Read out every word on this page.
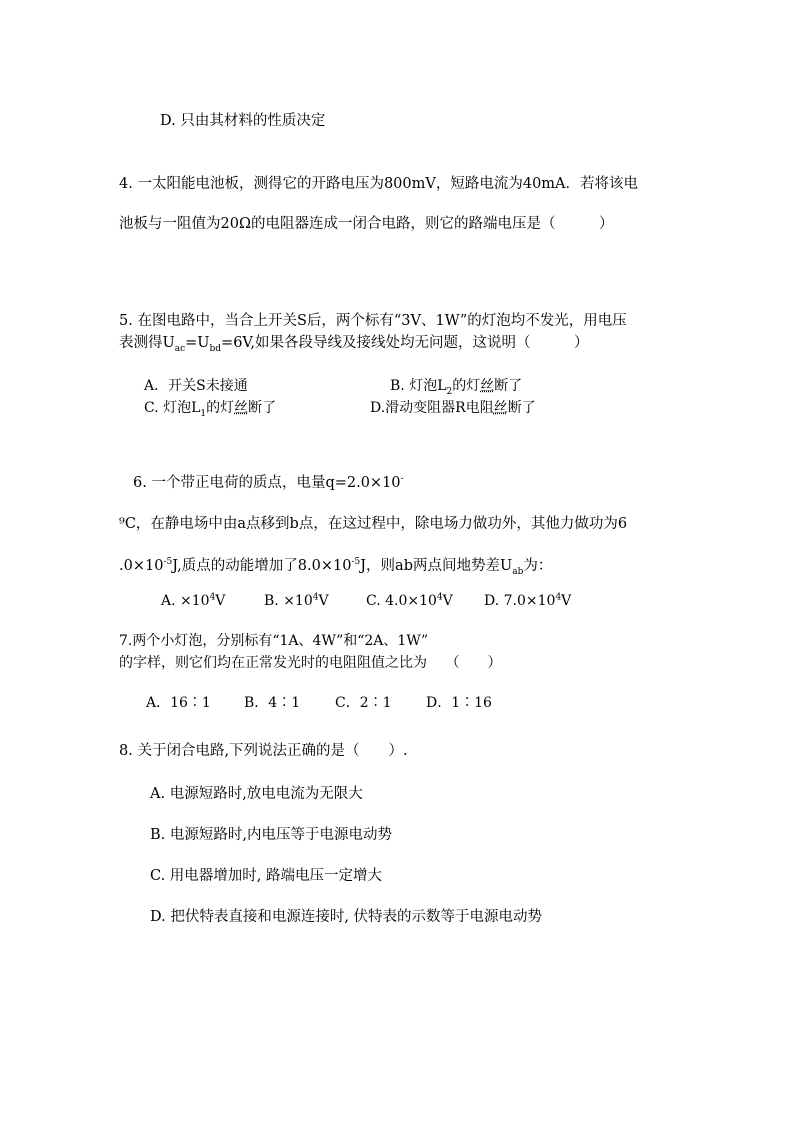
D. 只由其材料的性质决定
4. 一太阳能电池板，测得它的开路电压为800mV，短路电流为40mA．若将该电
池板与一阻值为20Ω的电阻器连成一闭合电路，则它的路端电压是（　　　）
5. 在图电路中，当合上开关S后，两个标有“3V、1W”的灯泡均不发光，用电压
表测得$U_{ac}=U_{bd}=6V$,如果各段导线及接线处均无问题，这说明（　　　）
A．开关S未接通	B. 灯泡$L_2$的灯丝断了
C. 灯泡$L_1$的灯丝断了	D.滑动变阻器R电阻丝断了
6. 一个带正电荷的质点，电量q=2.0×10-
⁹C，在静电场中由a点移到b点，在这过程中，除电场力做功外，其他力做功为6
$.0\times 10^{-5}J$,质点的动能增加了$8.0\times 10^{-5}J$，则ab两点间地势差$U_{ab}$为：
A. $\times 10^4V$	B. $\times 10^4V$	C. $4.0\times 10^4V$ D. $7.0\times 10^4V$
7.两个小灯泡，分别标有“1A、4W”和“2A、1W”
的字样，则它们均在正常发光时的电阻阻值之比为　 （　　）
A．16∶1 B．4∶1 C．2∶1 D．1∶16
8. 关于闭合电路,下列说法正确的是（　　）.
A. 电源短路时,放电电流为无限大
B. 电源短路时,内电压等于电源电动势
C. 用电器增加时, 路端电压一定增大
D. 把伏特表直接和电源连接时, 伏特表的示数等于电源电动势
